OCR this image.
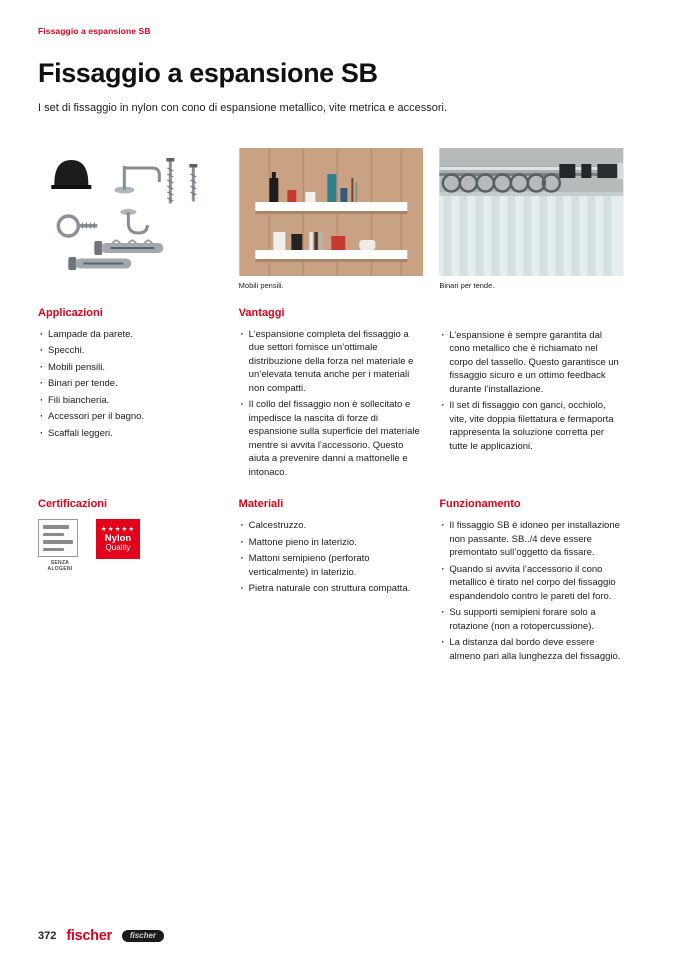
Fissaggio a espansione SB
Fissaggio a espansione SB

I set di fissaggio in nylon con cono di espansione metallico, vite metrica e accessori.

Mobili pensili.	Binari per tende.
Applicazioni
· Lampade da parete.
· Specchi.
· Mobili pensili.
· Binari per tende.
· Fili biancheria.
· Accessori per il bagno.
· Scaffali leggeri.
Vantaggi
· L’espansione completa del fissaggio a due settori fornisce un’ottimale distribuzione della forza nel materiale e un’elevata tenuta anche per i materiali non compatti.
· Il collo del fissaggio non è sollecitato e impedisce la nascita di forze di espansione sulla superficie del materiale mentre si avvita l’accessorio. Questo aiuta a prevenire danni a mattonelle e intonaco.
· L’espansione è sempre garantita dal cono metallico che è richiamato nel corpo del tassello. Questo garantisce un fissaggio sicuro e un ottimo feedback durante l’installazione.
· Il set di fissaggio con ganci, occhiolo, vite, vite doppia filettatura e fermaporta rappresenta la soluzione corretta per tutte le applicazioni.
Certificazioni
SENZA ALOGENI
★★★★★
Nylon
Quality
Materiali
· Calcestruzzo.
· Mattone pieno in laterizio.
· Mattoni semipieno (perforato verticalmente) in laterizio.
· Pietra naturale con struttura compatta.
Funzionamento
· Il fissaggio SB è idoneo per installazione non passante. SB../4 deve essere premontato sull’oggetto da fissare.
· Quando si avvita l’accessorio il cono metallico è tirato nel corpo del fissaggio espandendolo contro le pareti del foro.
· Su supporti semipieni forare solo a rotazione (non a rotopercussione).
· La distanza dal bordo deve essere almeno pari alla lunghezza del fissaggio.
372 fischer fischer
